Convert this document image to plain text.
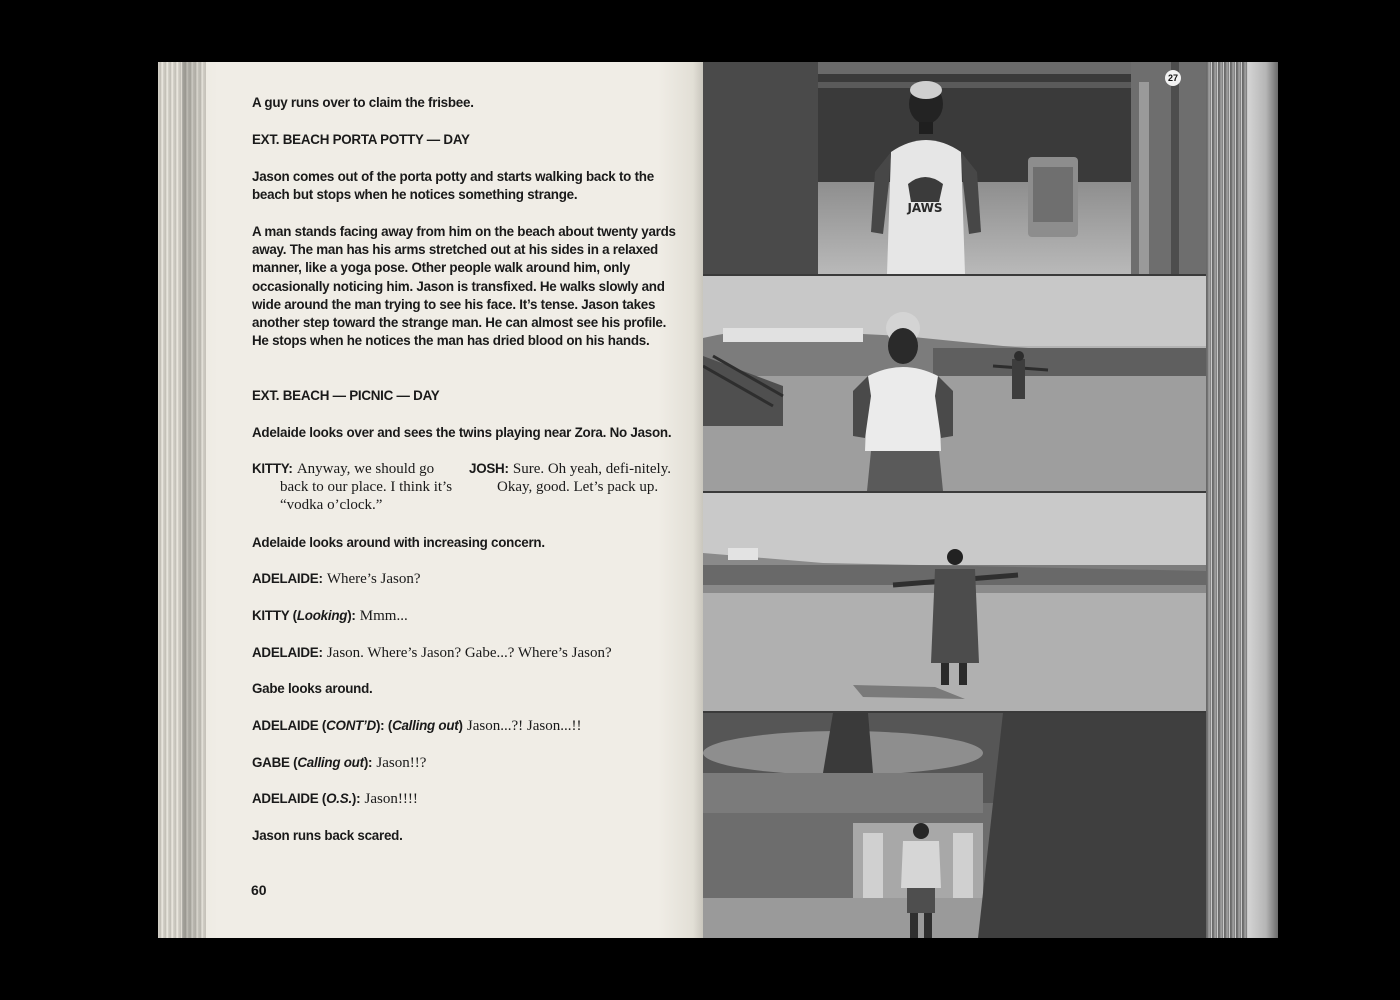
A guy runs over to claim the frisbee.
EXT. BEACH PORTA POTTY — DAY
Jason comes out of the porta potty and starts walking back to the beach but stops when he notices something strange.
A man stands facing away from him on the beach about twenty yards away. The man has his arms stretched out at his sides in a relaxed manner, like a yoga pose. Other people walk around him, only occasionally noticing him. Jason is transfixed. He walks slowly and wide around the man trying to see his face. It’s tense. Jason takes another step toward the strange man. He can almost see his profile. He stops when he notices the man has dried blood on his hands.
EXT. BEACH — PICNIC — DAY
Adelaide looks over and sees the twins playing near Zora. No Jason.
KITTY: Anyway, we should go back to our place. I think it’s “vodka o’clock.”
JOSH: Sure. Oh yeah, defi-nitely. Okay, good. Let’s pack up.
Adelaide looks around with increasing concern.
ADELAIDE: Where’s Jason?
KITTY (Looking): Mmm...
ADELAIDE: Jason. Where’s Jason? Gabe...? Where’s Jason?
Gabe looks around.
ADELAIDE (CONT’D): (Calling out) Jason...?! Jason...!!
GABE (Calling out): Jason!!?
ADELAIDE (O.S.): Jason!!!!
Jason runs back scared.
60
JAWS
27
